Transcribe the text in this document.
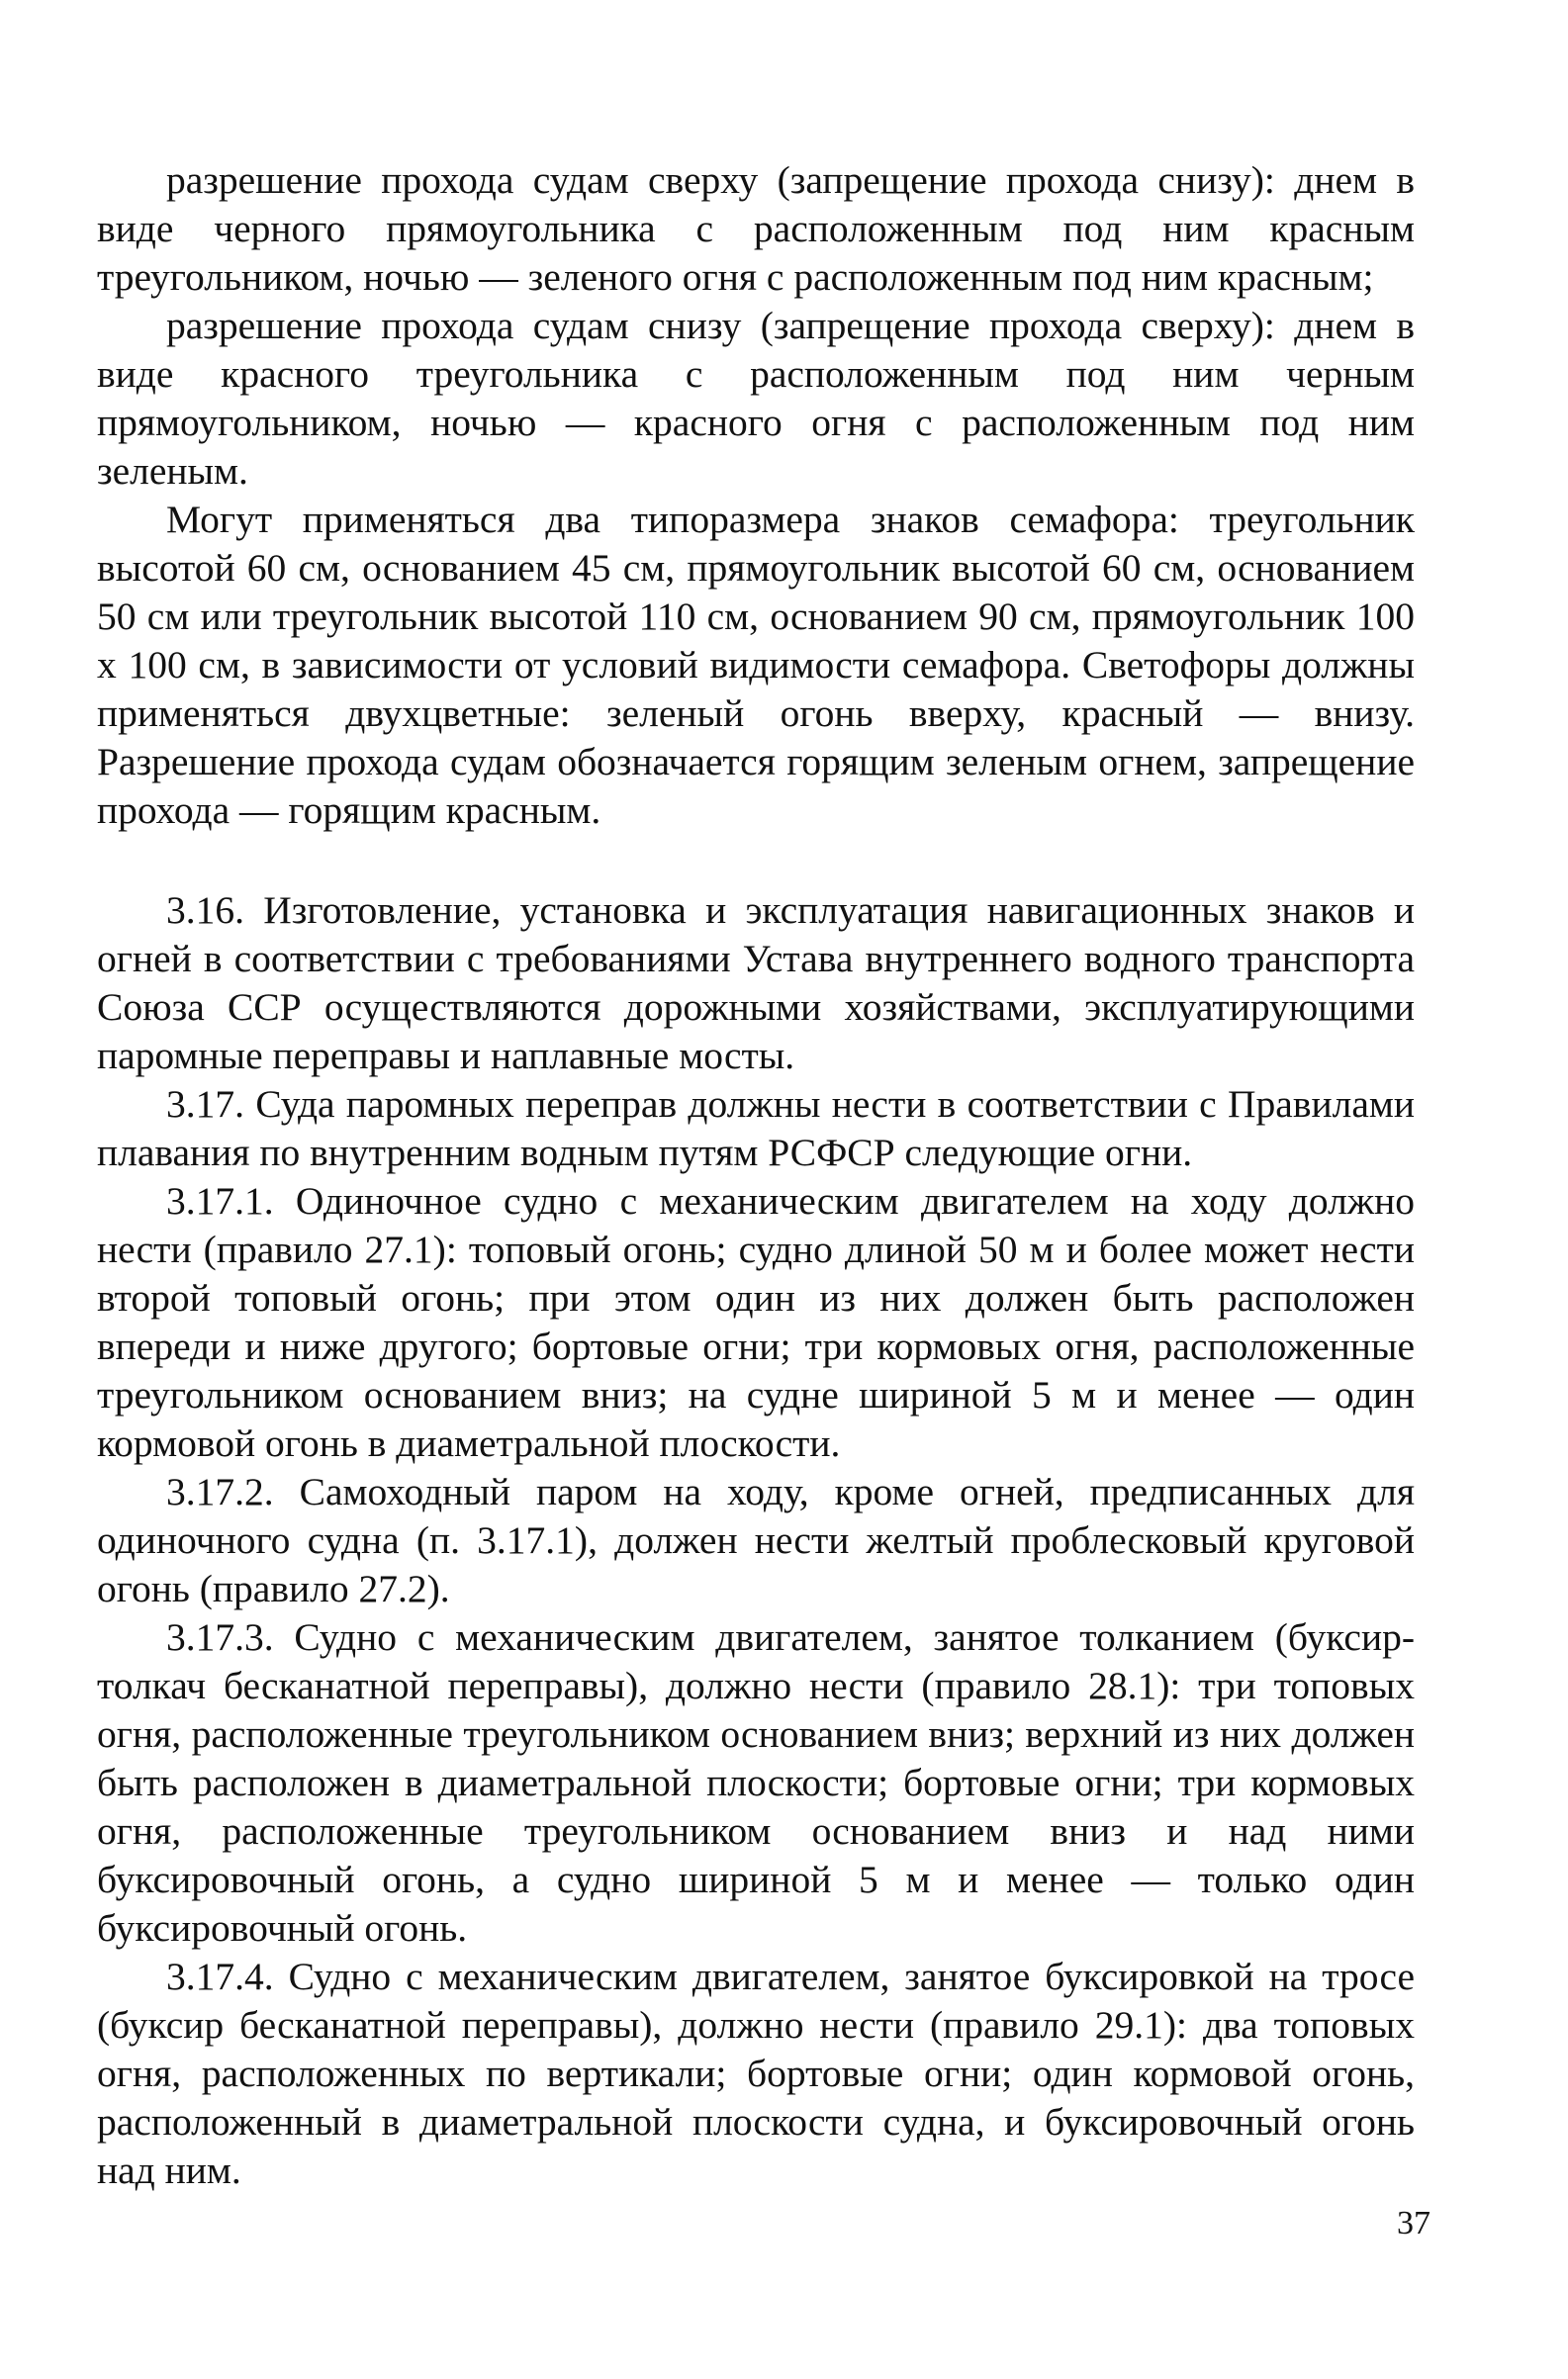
разрешение прохода судам сверху (запрещение прохода снизу): днем в виде черного прямоугольника с расположенным под ним красным треугольником, ночью — зеленого огня с расположенным под ним красным;

разрешение прохода судам снизу (запрещение прохода сверху): днем в виде красного треугольника с расположенным под ним черным прямоугольником, ночью — красного огня с расположенным под ним зеленым.

Могут применяться два типоразмера знаков семафора: треугольник высотой 60 см, основанием 45 см, прямоугольник высотой 60 см, основанием 50 см или треугольник высотой 110 см, основанием 90 см, прямоугольник 100 x 100 см, в зависимости от условий видимости семафора. Светофоры должны применяться двухцветные: зеленый огонь вверху, красный — внизу. Разрешение прохода судам обозначается горящим зеленым огнем, запрещение прохода — горящим красным.

3.16. Изготовление, установка и эксплуатация навигационных знаков и огней в соответствии с требованиями Устава внутреннего водного транспорта Союза ССР осуществляются дорожными хозяйствами, эксплуатирующими паромные переправы и наплавные мосты.

3.17. Суда паромных переправ должны нести в соответствии с Правилами плавания по внутренним водным путям РСФСР следующие огни.

3.17.1. Одиночное судно с механическим двигателем на ходу должно нести (правило 27.1): топовый огонь; судно длиной 50 м и более может нести второй топовый огонь; при этом один из них должен быть расположен впереди и ниже другого; бортовые огни; три кормовых огня, расположенные треугольником основанием вниз; на судне шириной 5 м и менее — один кормовой огонь в диаметральной плоскости.

3.17.2. Самоходный паром на ходу, кроме огней, предписанных для одиночного судна (п. 3.17.1), должен нести желтый проблесковый круговой огонь (правило 27.2).

3.17.3. Судно с механическим двигателем, занятое толканием (буксир-толкач бесканатной переправы), должно нести (правило 28.1): три топовых огня, расположенные треугольником основанием вниз; верхний из них должен быть расположен в диаметральной плоскости; бортовые огни; три кормовых огня, расположенные треугольником основанием вниз и над ними буксировочный огонь, а судно шириной 5 м и менее — только один буксировочный огонь.

3.17.4. Судно с механическим двигателем, занятое буксировкой на тросе (буксир бесканатной переправы), должно нести (правило 29.1): два топовых огня, расположенных по вертикали; бортовые огни; один кормовой огонь, расположенный в диаметральной плоскости судна, и буксировочный огонь над ним.

37
